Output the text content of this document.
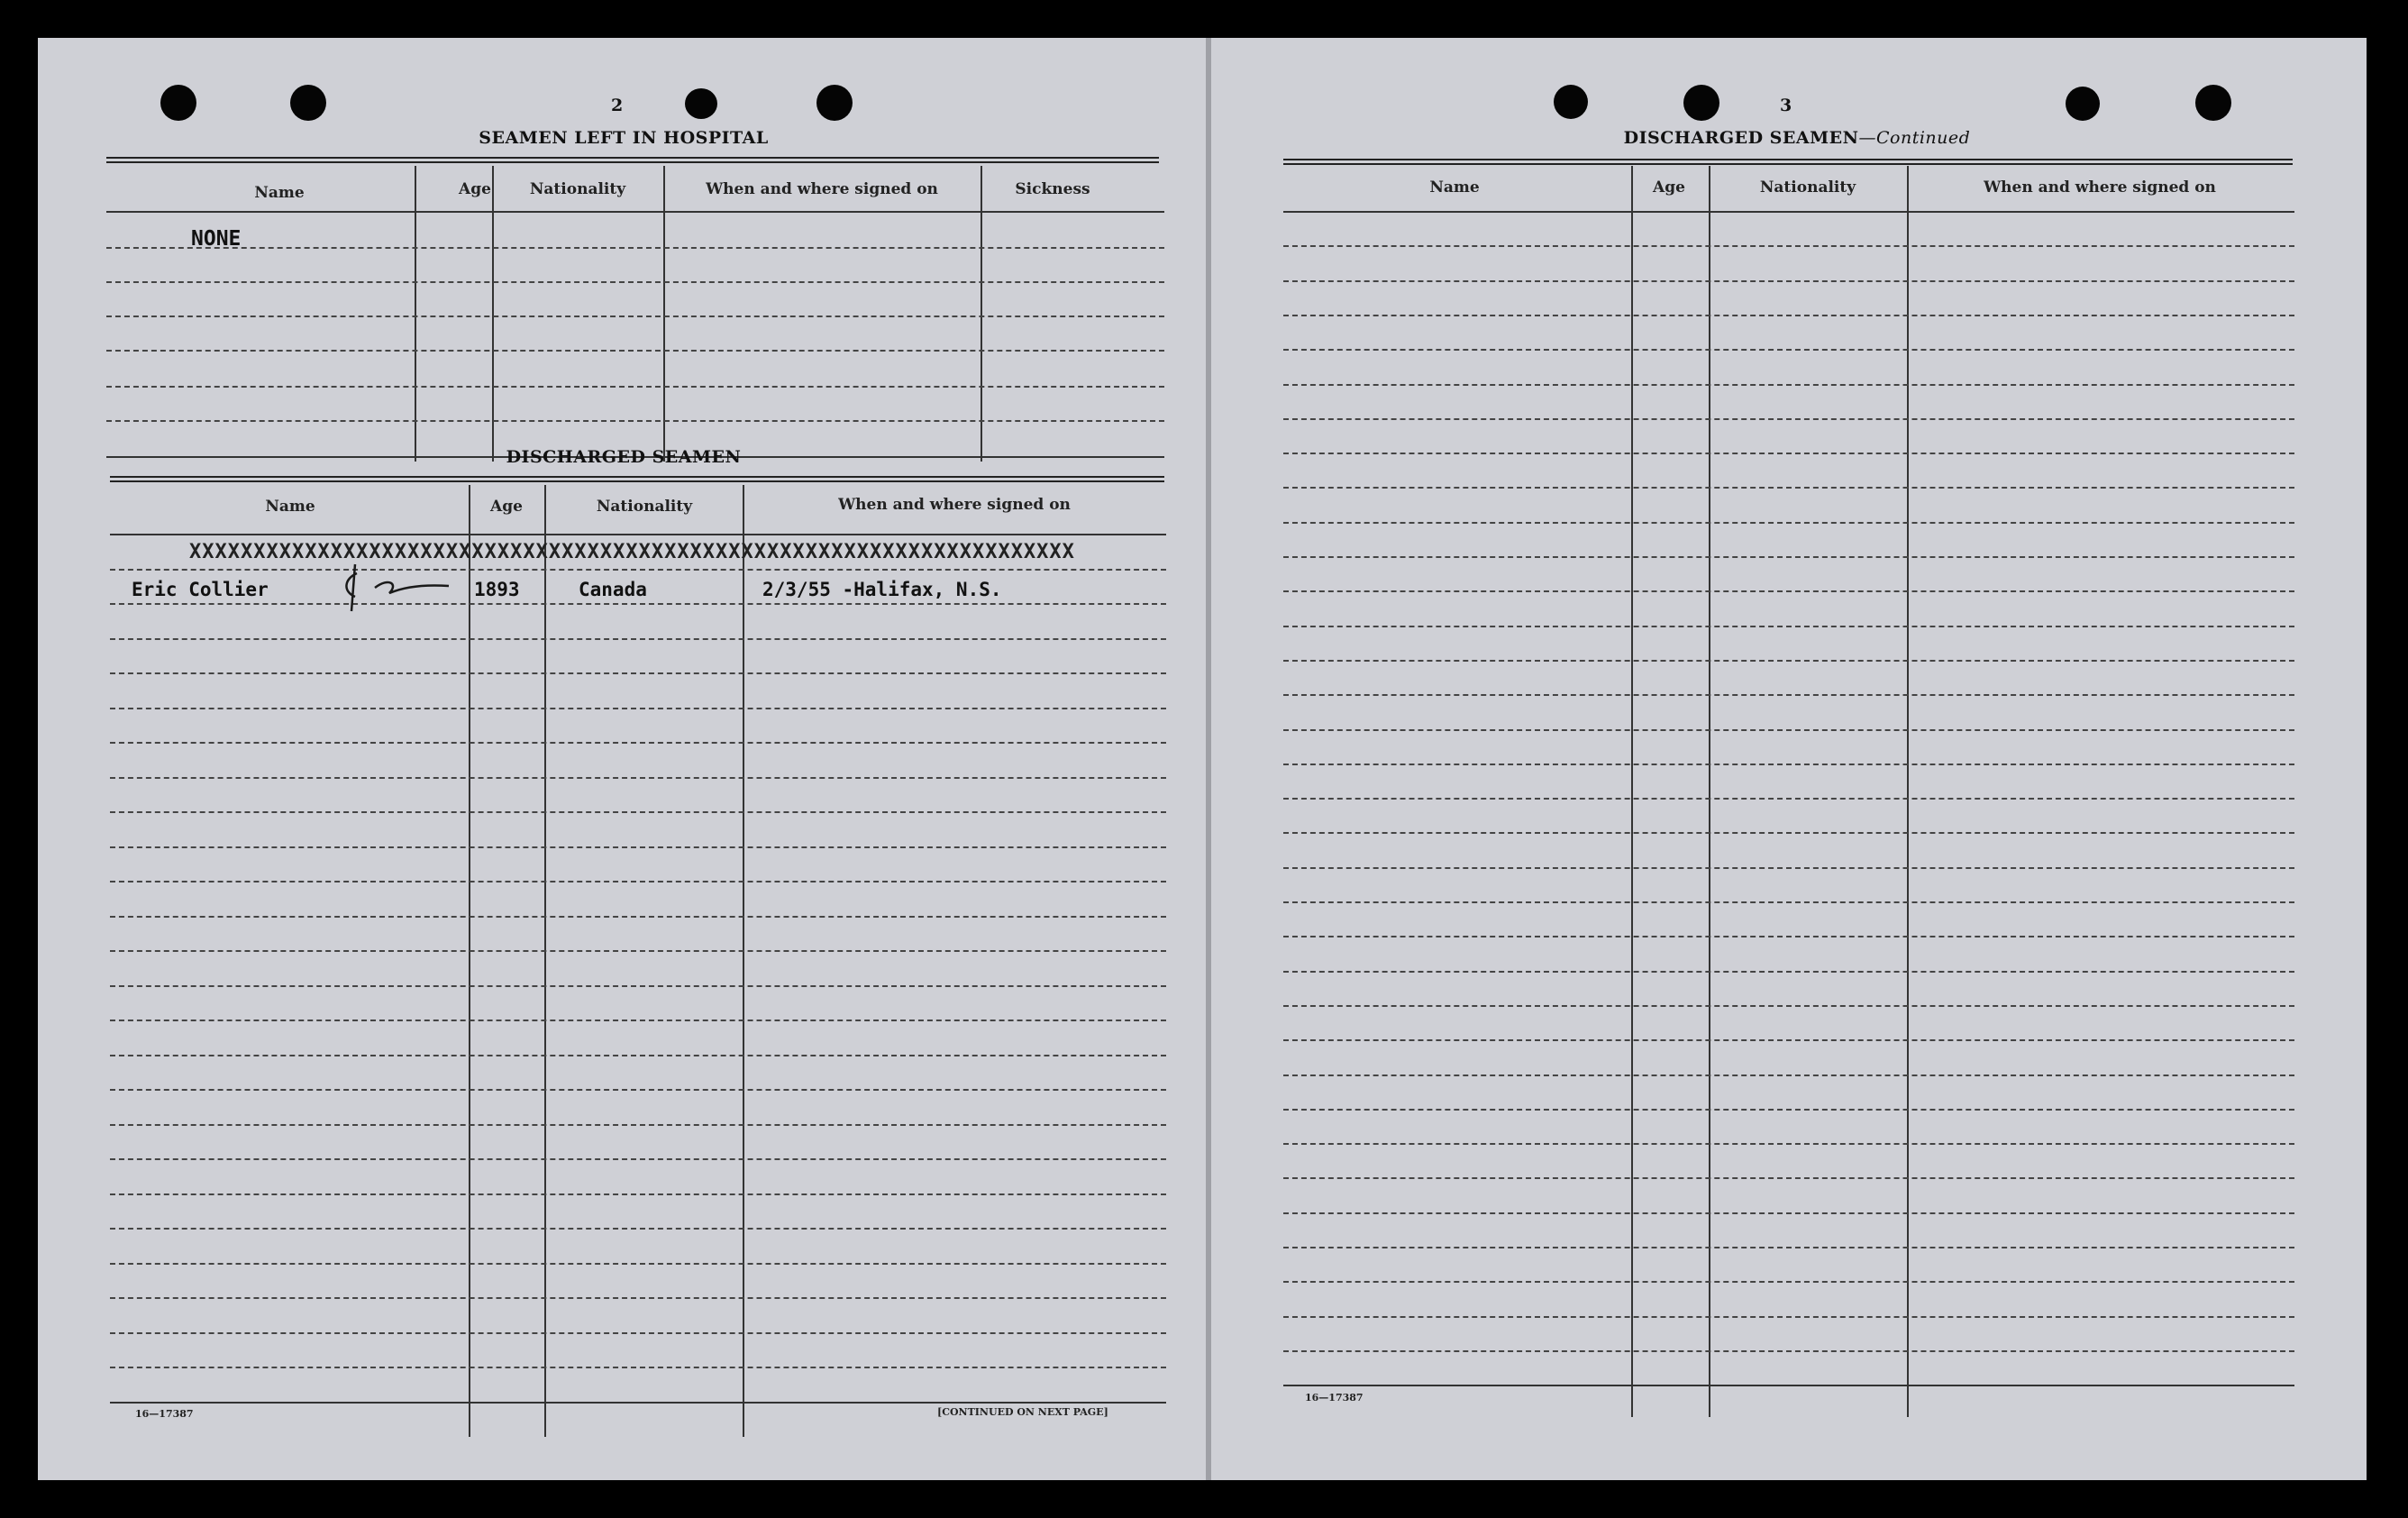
2
SEAMEN LEFT IN HOSPITAL
Name	Age	Nationality	When and where signed on	Sickness
NONE
DISCHARGED SEAMEN
Name	Age	Nationality	When and where signed on
XXXXXXXXXXXXXXXXXXXXXXXXXXXXXXXXXXXXXXXXXXXXXXXXXXXXXXXXXXXXXXXXXXXXX
Eric Collier	1893	Canada	2/3/55 -Halifax, N.S.
16—17387	[CONTINUED ON NEXT PAGE]
3
DISCHARGED SEAMEN—Continued
Name	Age	Nationality	When and where signed on
16—17387
